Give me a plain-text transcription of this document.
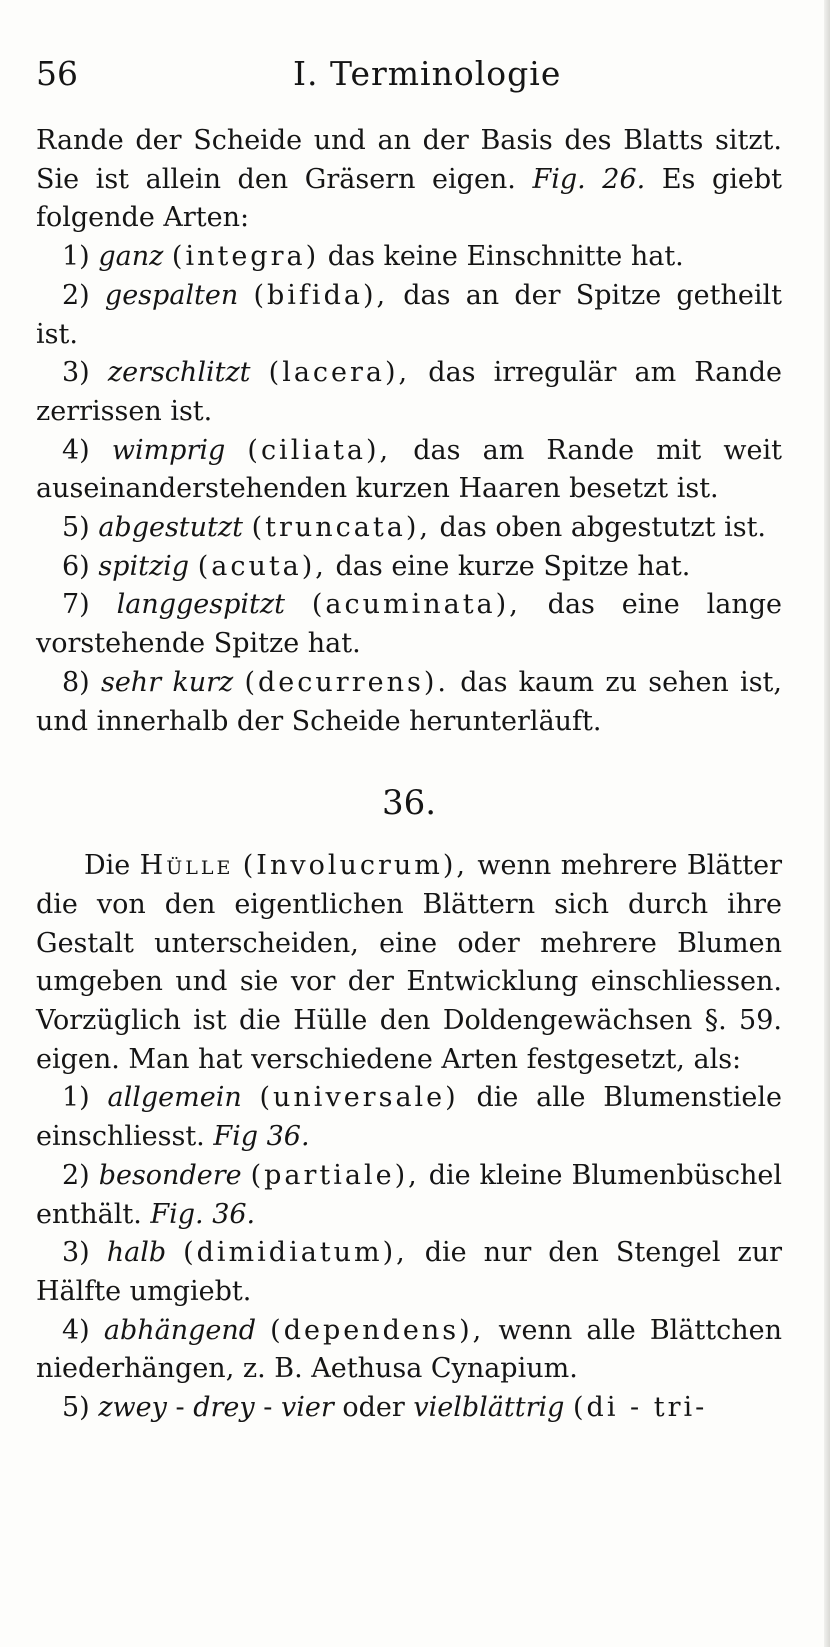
56	I. Terminologie

Rande der Scheide und an der Basis des Blatts sitzt. Sie ist allein den Gräsern eigen. Fig. 26. Es giebt folgende Arten:

1) ganz (integra) das keine Einschnitte hat.

2) gespalten (bifida), das an der Spitze getheilt ist.

3) zerschlitzt (lacera), das irregulär am Rande zerrissen ist.

4) wimprig (ciliata), das am Rande mit weit auseinanderstehenden kurzen Haaren besetzt ist.

5) abgestutzt (truncata), das oben abgestutzt ist.

6) spitzig (acuta), das eine kurze Spitze hat.

7) langgespitzt (acuminata), das eine lange vorstehende Spitze hat.

8) sehr kurz (decurrens). das kaum zu sehen ist, und innerhalb der Scheide herunterläuft.

36.

Die Hülle (Involucrum), wenn mehrere Blätter die von den eigentlichen Blättern sich durch ihre Gestalt unterscheiden, eine oder mehrere Blumen umgeben und sie vor der Entwicklung einschliessen. Vorzüglich ist die Hülle den Doldengewächsen §. 59. eigen. Man hat verschiedene Arten festgesetzt, als:

1) allgemein (universale) die alle Blumenstiele einschliesst. Fig 36.

2) besondere (partiale), die kleine Blumenbüschel enthält. Fig. 36.

3) halb (dimidiatum), die nur den Stengel zur Hälfte umgiebt.

4) abhängend (dependens), wenn alle Blättchen niederhängen, z. B. Aethusa Cynapium.

5) zwey - drey - vier oder vielblättrig (di - tri-
